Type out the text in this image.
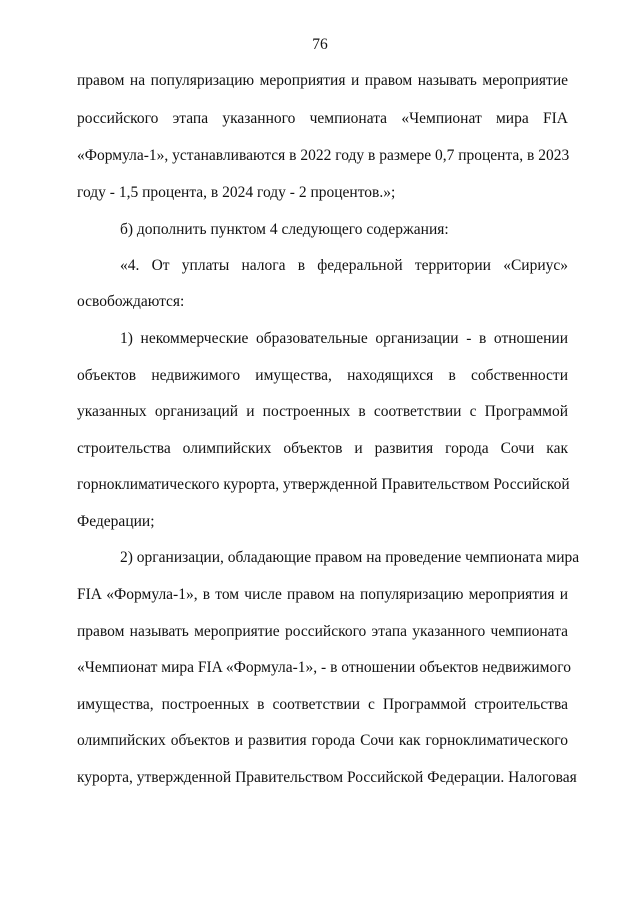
76
правом на популяризацию мероприятия и правом называть мероприятие
российского этапа указанного чемпионата «Чемпионат мира FIA
«Формула-1», устанавливаются в 2022 году в размере 0,7 процента, в 2023
году - 1,5 процента, в 2024 году - 2 процентов.»;
б) дополнить пунктом 4 следующего содержания:
«4. От уплаты налога в федеральной территории «Сириус»
освобождаются:
1) некоммерческие образовательные организации - в отношении
объектов недвижимого имущества, находящихся в собственности
указанных организаций и построенных в соответствии с Программой
строительства олимпийских объектов и развития города Сочи как
горноклиматического курорта, утвержденной Правительством Российской
Федерации;
2) организации, обладающие правом на проведение чемпионата мира
FIA «Формула-1», в том числе правом на популяризацию мероприятия и
правом называть мероприятие российского этапа указанного чемпионата
«Чемпионат мира FIA «Формула-1», - в отношении объектов недвижимого
имущества, построенных в соответствии с Программой строительства
олимпийских объектов и развития города Сочи как горноклиматического
курорта, утвержденной Правительством Российской Федерации. Налоговая
